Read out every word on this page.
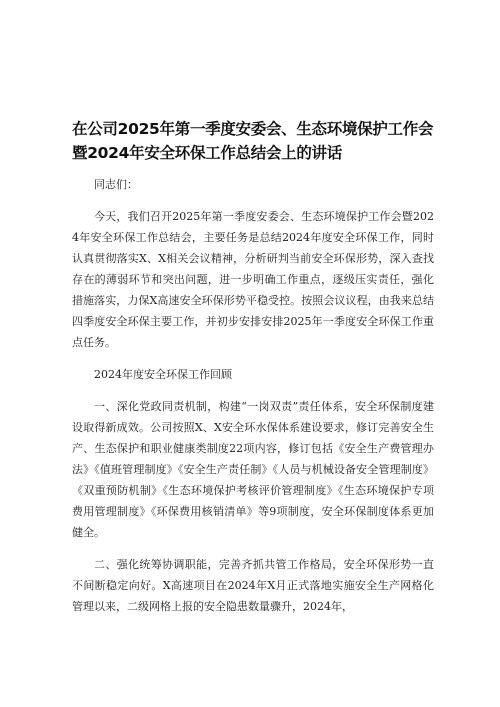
在公司2025年第一季度安委会、生态环境保护工作会
暨2024年安全环保工作总结会上的讲话

同志们：

今天，我们召开2025年第一季度安委会、生态环境保护工作会暨2024年安全环保工作总结会，主要任务是总结2024年度安全环保工作，同时认真贯彻落实X、X相关会议精神，分析研判当前安全环保形势，深入查找存在的薄弱环节和突出问题，进一步明确工作重点，逐级压实责任，强化措施落实，力保X高速安全环保形势平稳受控。按照会议议程，由我来总结四季度安全环保主要工作，并初步安排安排2025年一季度安全环保工作重点任务。

2024年度安全环保工作回顾

一、深化党政同责机制，构建“一岗双责”责任体系，安全环保制度建设取得新成效。公司按照X、X安全环水保体系建设要求，修订完善安全生产、生态保护和职业健康类制度22项内容，修订包括《安全生产费管理办法》《值班管理制度》《安全生产责任制》《人员与机械设备安全管理制度》《双重预防机制》《生态环境保护考核评价管理制度》《生态环境保护专项费用管理制度》《环保费用核销清单》等9项制度，安全环保制度体系更加健全。

二、强化统筹协调职能，完善齐抓共管工作格局，安全环保形势一直不间断稳定向好。X高速项目在2024年X月正式落地实施安全生产网格化管理以来，二级网格上报的安全隐患数量骤升，2024年，
